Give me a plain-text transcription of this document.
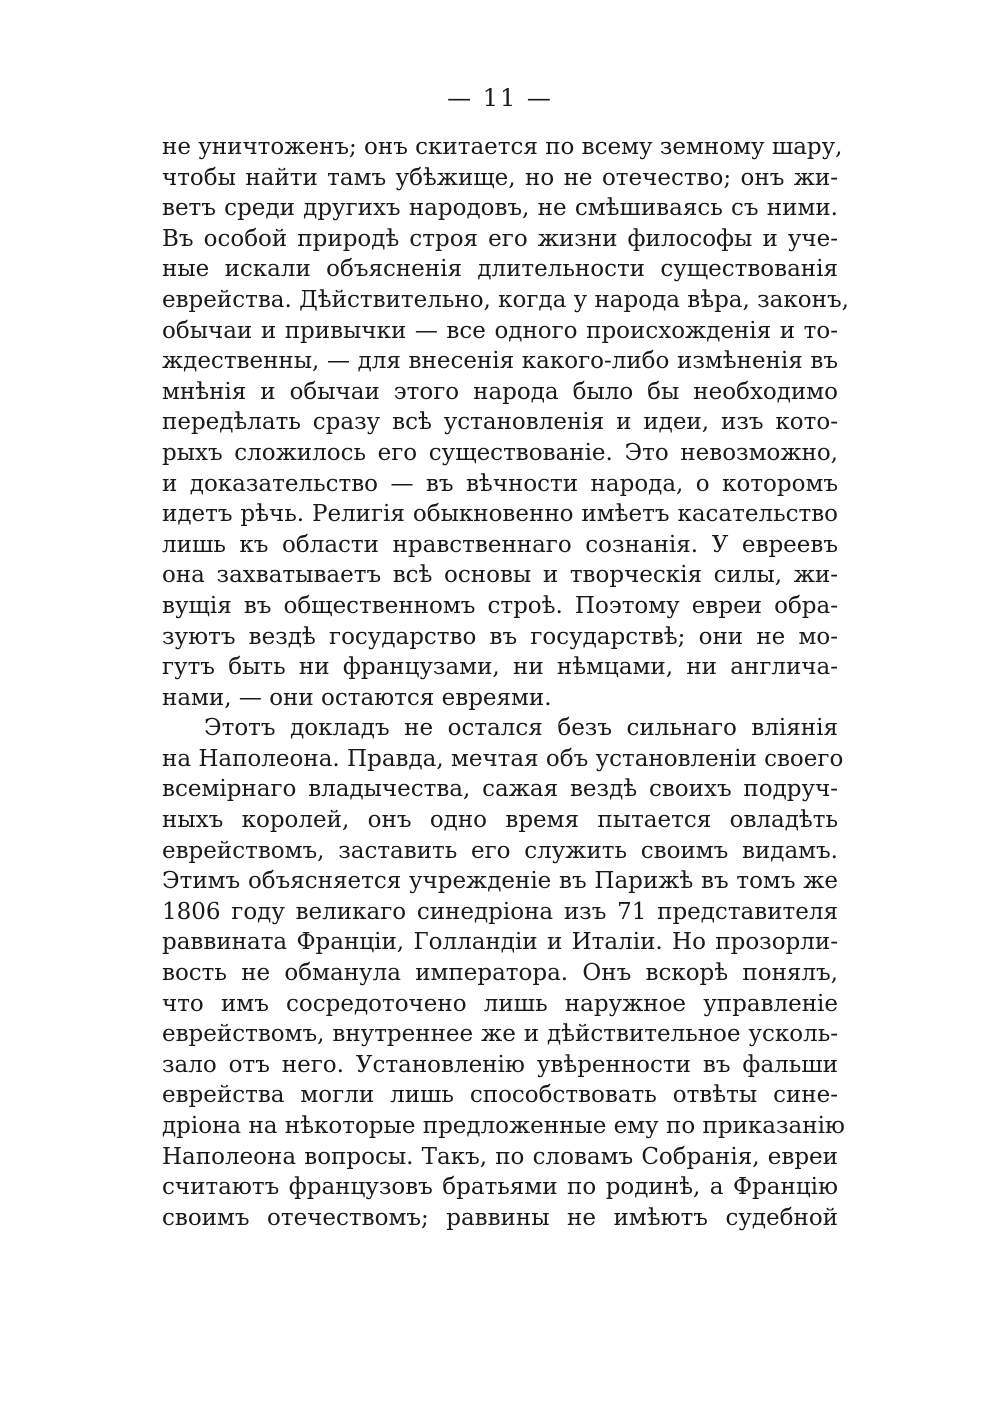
— 11 —
не уничтоженъ; онъ скитается по всему земному шару,
чтобы найти тамъ убѣжище, но не отечество; онъ жи-
ветъ среди другихъ народовъ, не смѣшиваясь съ ними.
Въ особой природѣ строя его жизни философы и уче-
ные искали объясненія длительности существованія
еврейства. Дѣйствительно, когда у народа вѣра, законъ,
обычаи и привычки — все одного происхожденія и то-
ждественны, — для внесенія какого-либо измѣненія въ
мнѣнія и обычаи этого народа было бы необходимо
передѣлать сразу всѣ установленія и идеи, изъ кото-
рыхъ сложилось его существованіе. Это невозможно,
и доказательство — въ вѣчности народа, о которомъ
идетъ рѣчь. Религія обыкновенно имѣетъ касательство
лишь къ области нравственнаго сознанія. У евреевъ
она захватываетъ всѣ основы и творческія силы, жи-
вущія въ общественномъ строѣ. Поэтому евреи обра-
зуютъ вездѣ государство въ государствѣ; они не мо-
гутъ быть ни французами, ни нѣмцами, ни англича-
нами, — они остаются евреями.
Этотъ докладъ не остался безъ сильнаго вліянія
на Наполеона. Правда, мечтая объ установленіи своего
всемірнаго владычества, сажая вездѣ своихъ подруч-
ныхъ королей, онъ одно время пытается овладѣть
еврействомъ, заставить его служить своимъ видамъ.
Этимъ объясняется учрежденіе въ Парижѣ въ томъ же
1806 году великаго синедріона изъ 71 представителя
раввината Франціи, Голландіи и Италіи. Но прозорли-
вость не обманула императора. Онъ вскорѣ понялъ,
что имъ сосредоточено лишь наружное управленіе
еврействомъ, внутреннее же и дѣйствительное усколь-
зало отъ него. Установленію увѣренности въ фальши
еврейства могли лишь способствовать отвѣты сине-
дріона на нѣкоторые предложенные ему по приказанію
Наполеона вопросы. Такъ, по словамъ Собранія, евреи
считаютъ французовъ братьями по родинѣ, а Францію
своимъ отечествомъ; раввины не имѣютъ судебной
